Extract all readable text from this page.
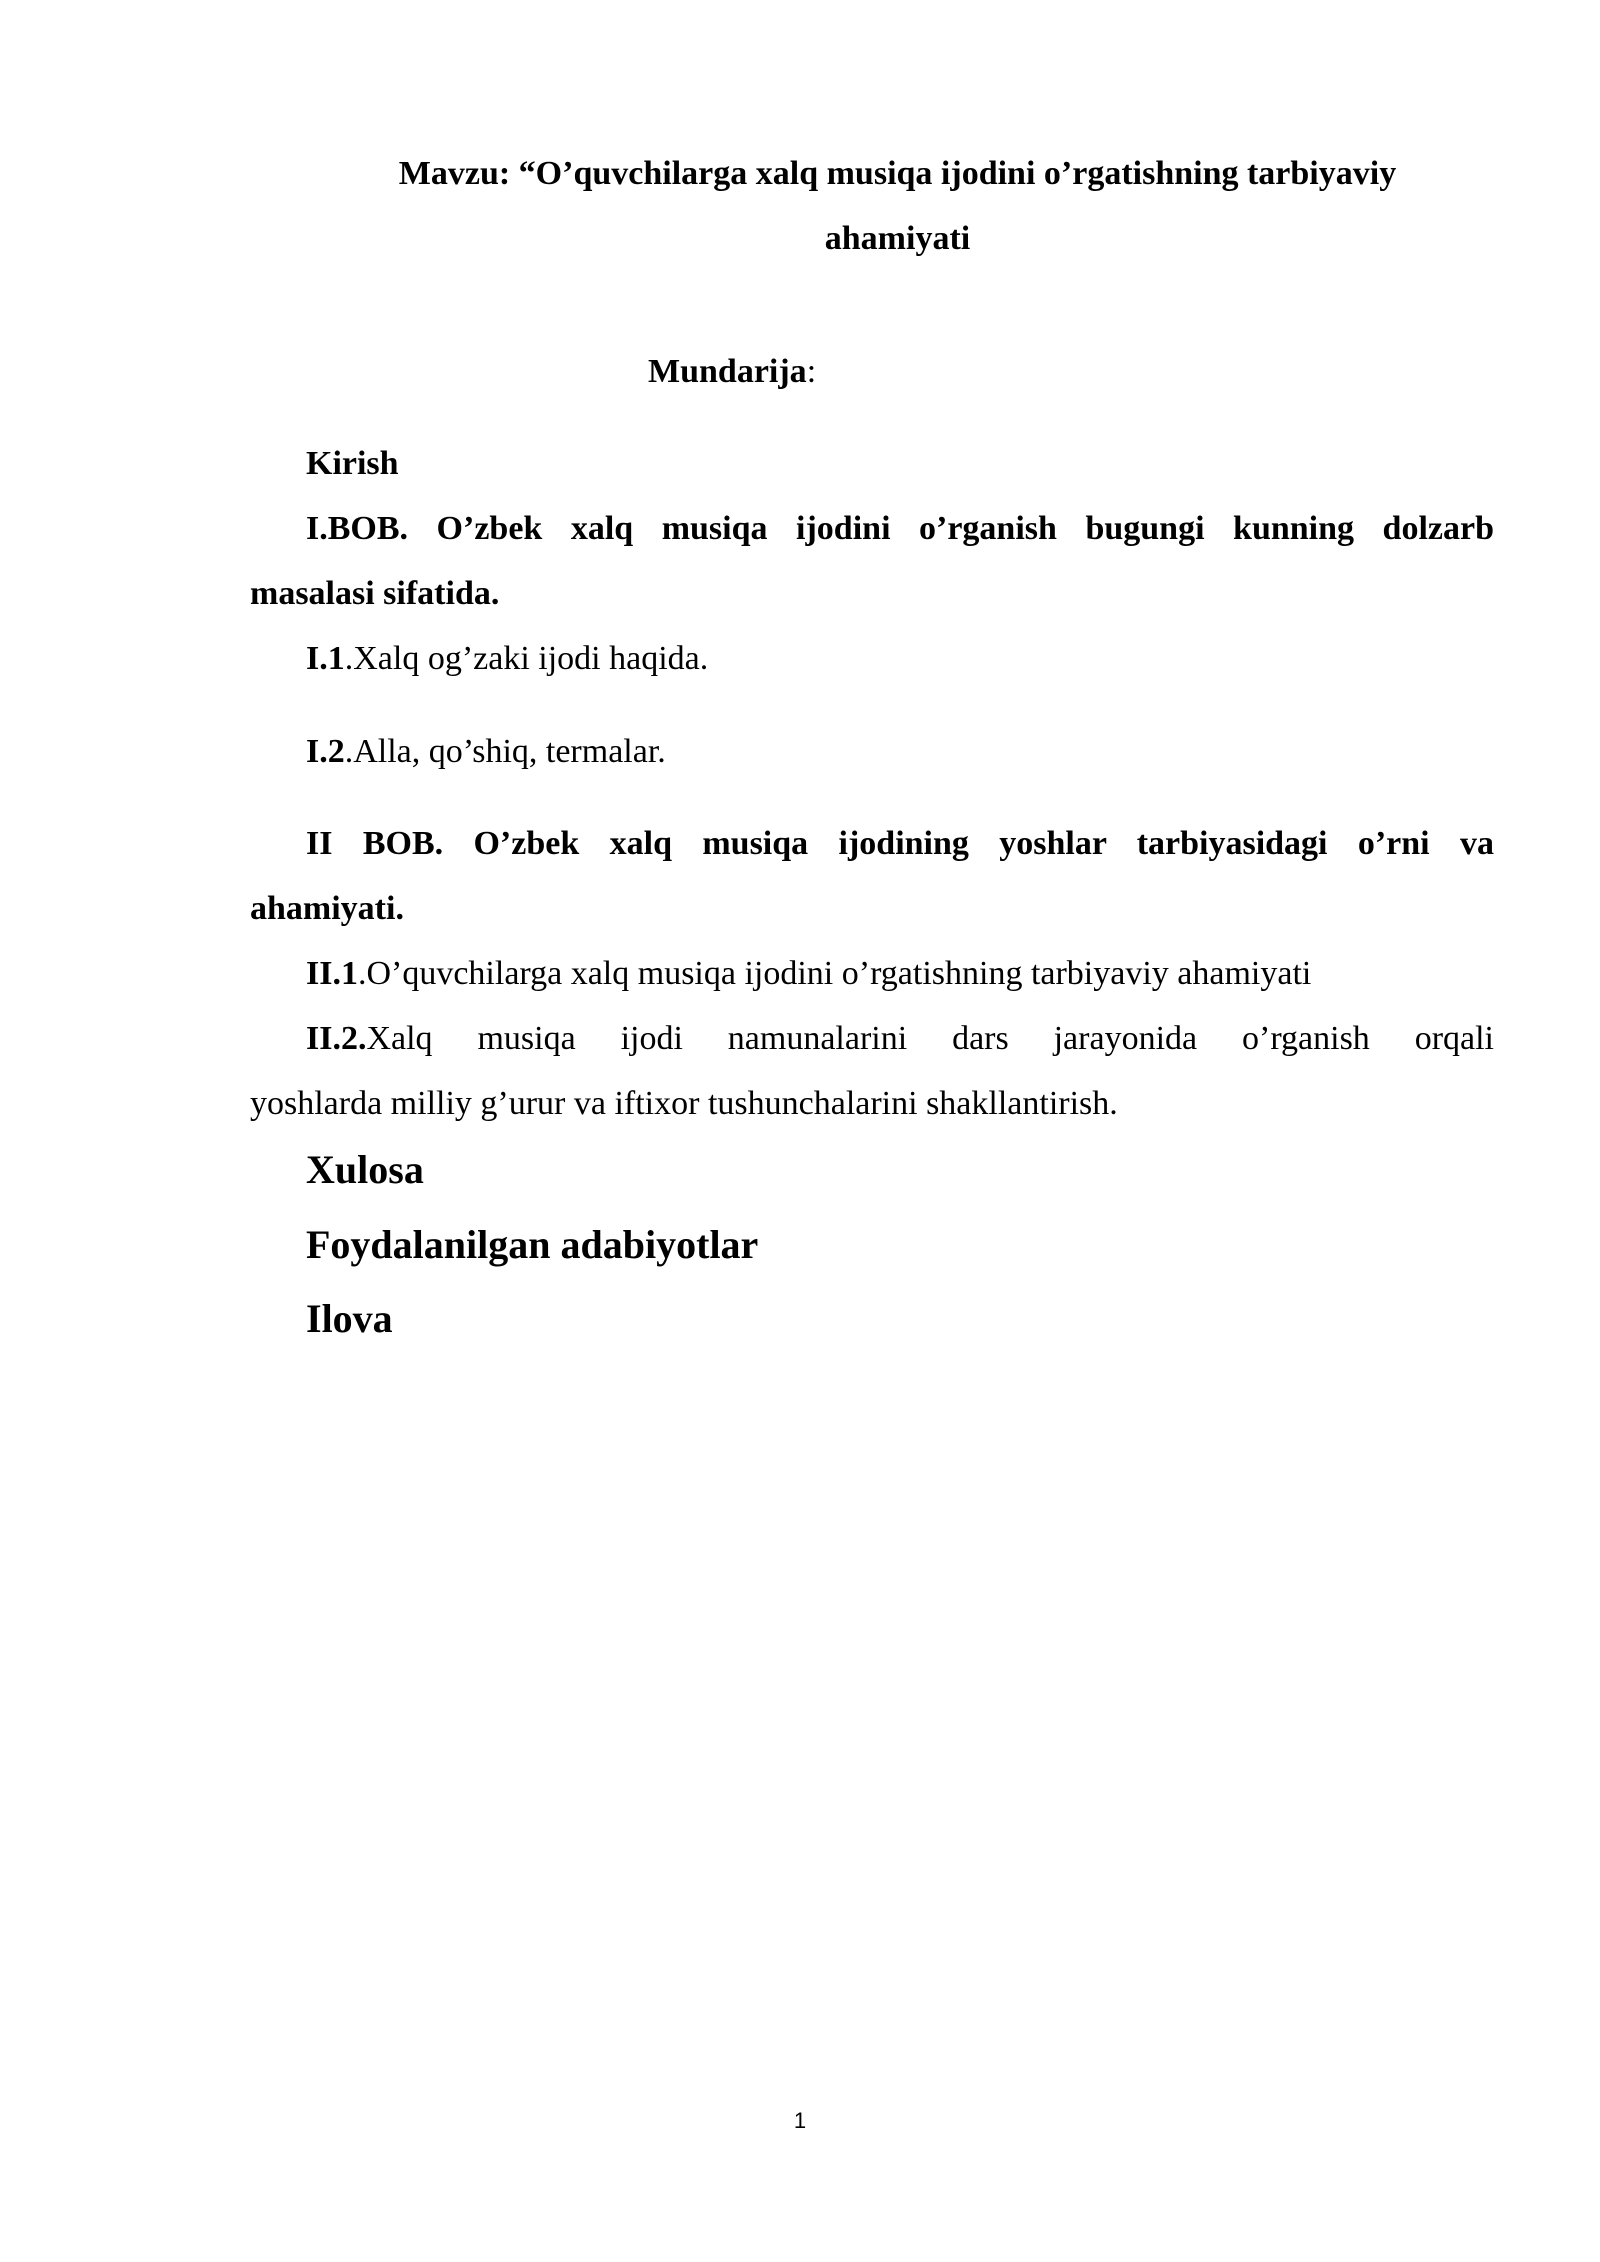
Mavzu: “O’quvchilarga xalq musiqa ijodini o’rgatishning tarbiyaviy

ahamiyati

Mundarija:

Kirish

I.BOB. O’zbek xalq musiqa ijodini o’rganish bugungi kunning dolzarb

masalasi sifatida.

I.1.Xalq og’zaki ijodi haqida.

I.2.Alla, qo’shiq, termalar.

II BOB. O’zbek xalq musiqa ijodining yoshlar tarbiyasidagi o’rni va

ahamiyati.

II.1.O’quvchilarga xalq musiqa ijodini o’rgatishning tarbiyaviy ahamiyati

II.2.Xalq musiqa ijodi namunalarini dars jarayonida o’rganish orqali

yoshlarda milliy g’urur va iftixor tushunchalarini shakllantirish.

Xulosa

Foydalanilgan adabiyotlar

Ilova

1
